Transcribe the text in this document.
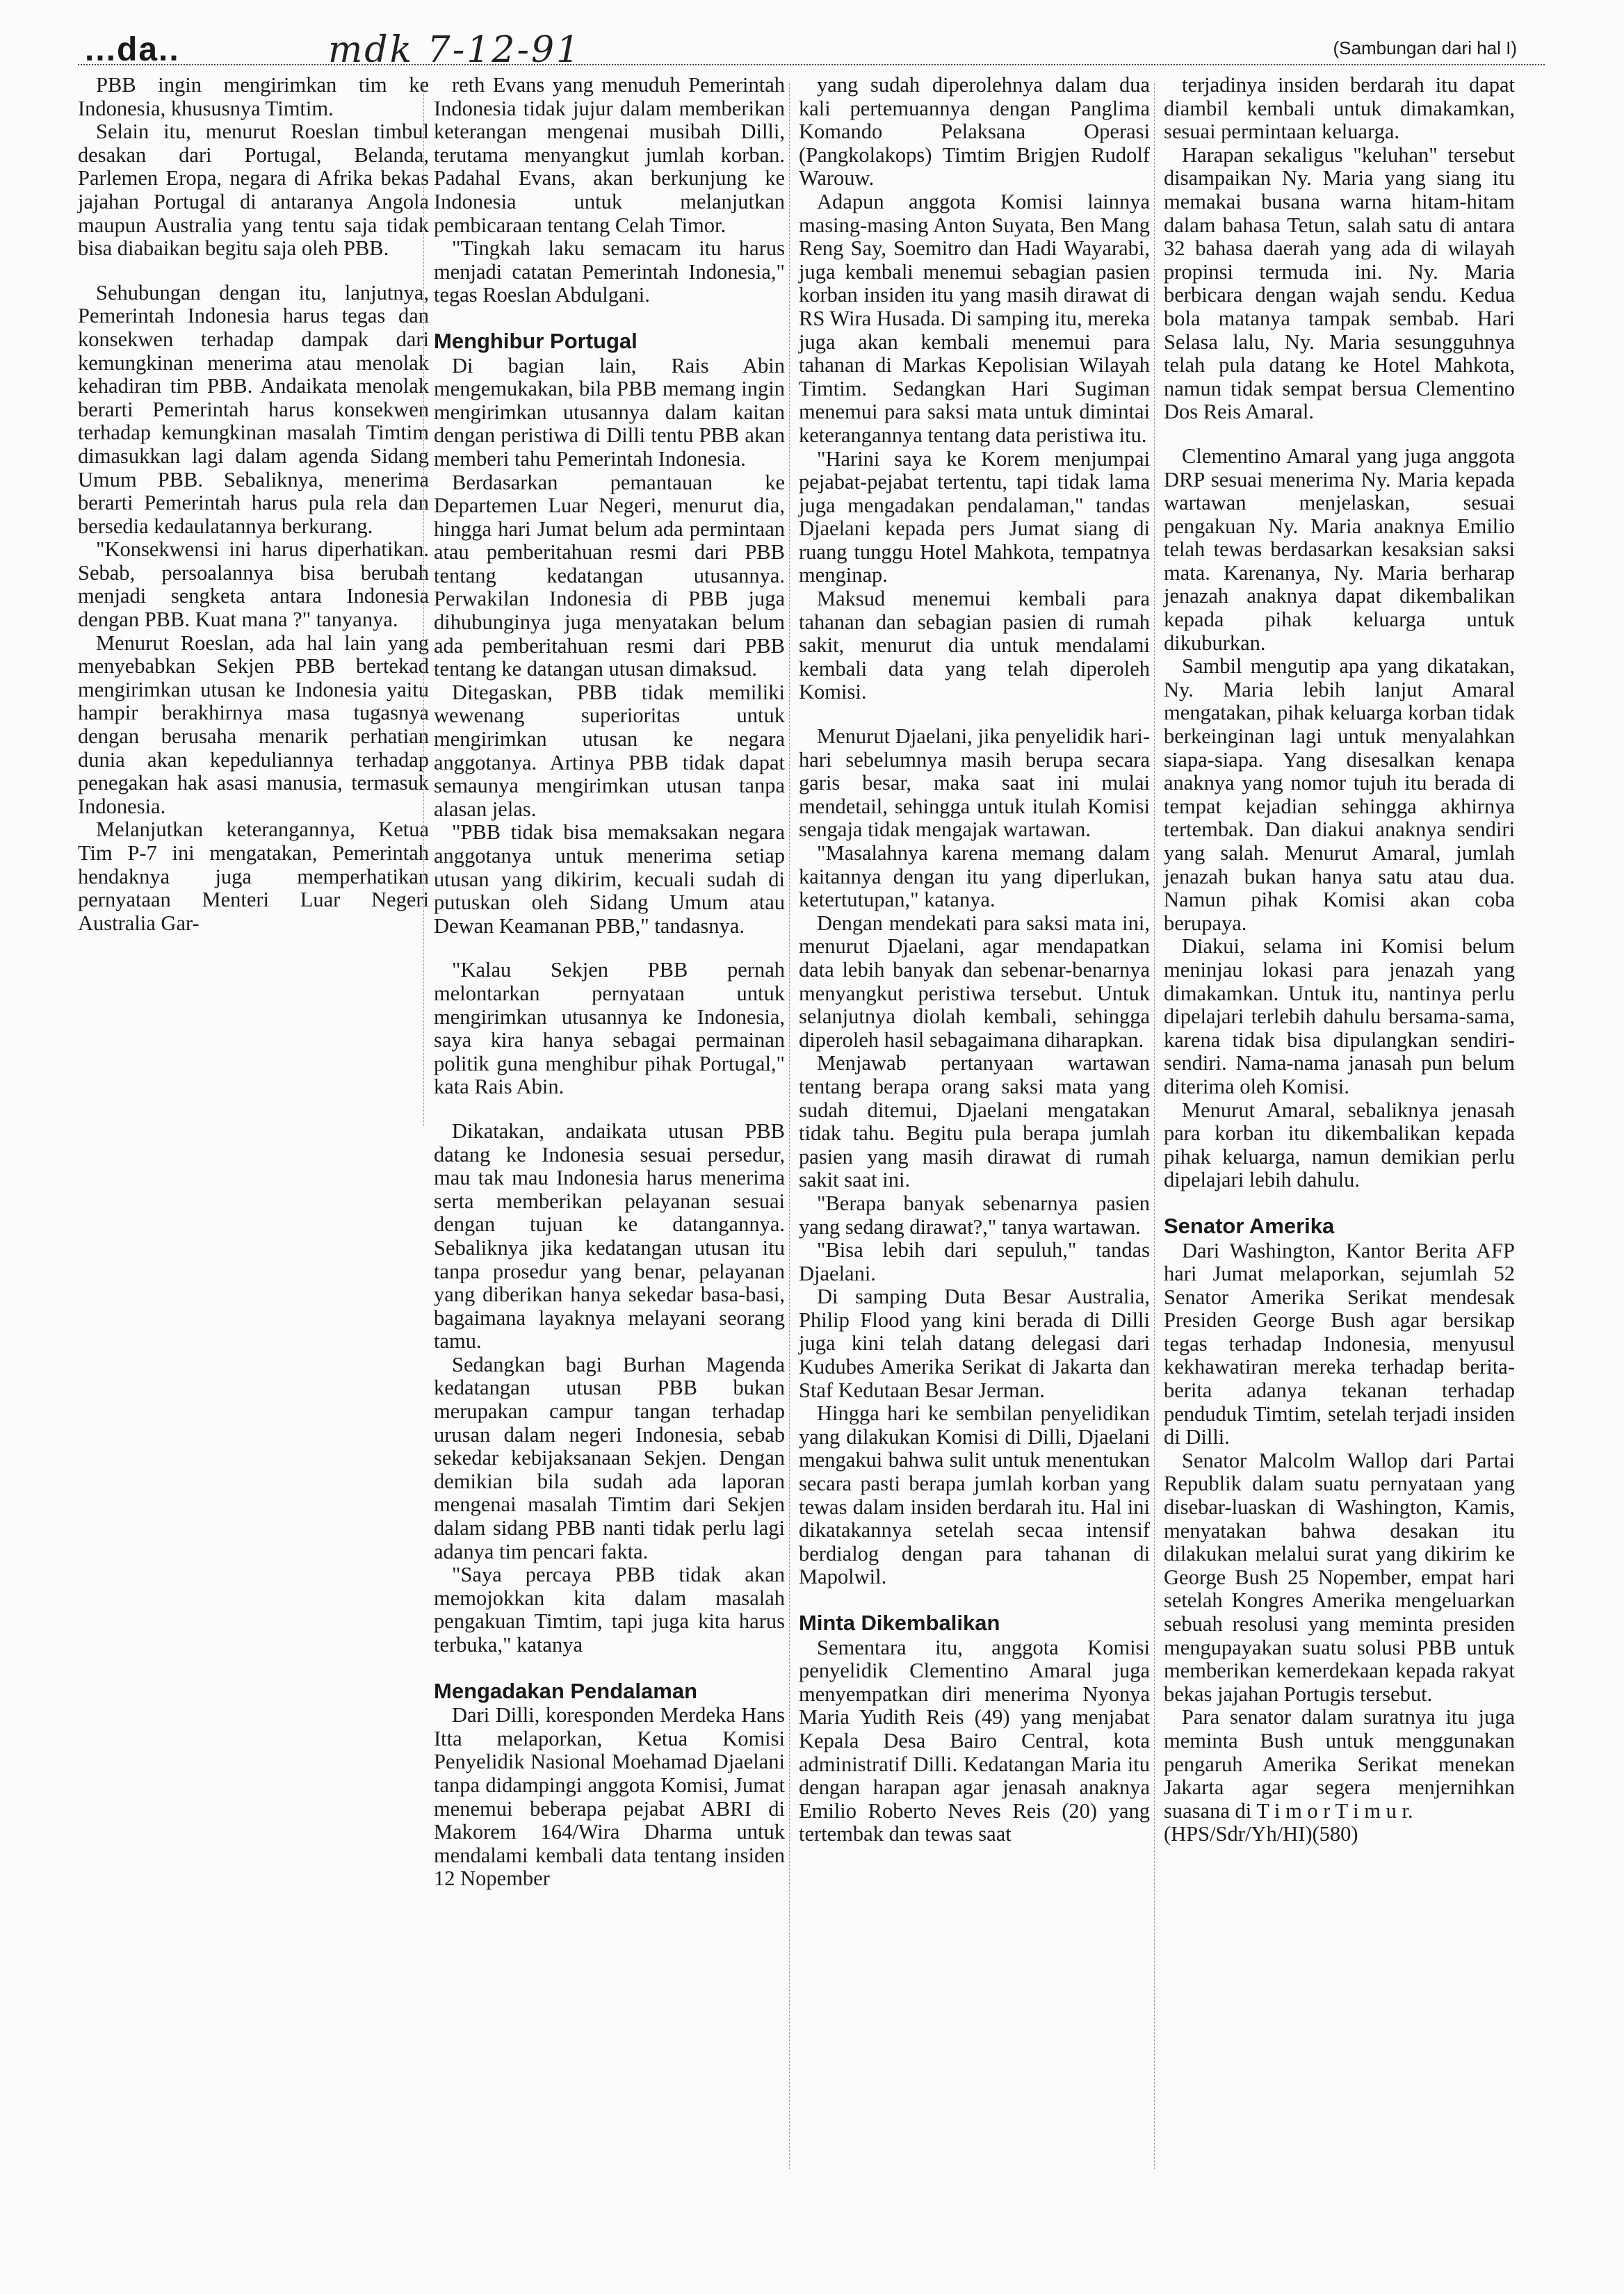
...da..	mdk 7-12-91	(Sambungan dari hal I)

PBB ingin mengirimkan tim ke Indonesia, khususnya Timtim.

Selain itu, menurut Roeslan timbul desakan dari Portugal, Belanda, Parlemen Eropa, negara di Afrika bekas jajahan Portugal di antaranya Angola maupun Australia yang tentu saja tidak bisa diabaikan begitu saja oleh PBB.

Sehubungan dengan itu, lanjutnya, Pemerintah Indonesia harus tegas dan konsekwen terhadap dampak dari kemungkinan menerima atau menolak kehadiran tim PBB. Andaikata menolak berarti Pemerintah harus konsekwen terhadap kemungkinan masalah Timtim dimasukkan lagi dalam agenda Sidang Umum PBB. Sebaliknya, menerima berarti Pemerintah harus pula rela dan bersedia kedaulatannya berkurang.

"Konsekwensi ini harus diperhatikan. Sebab, persoalannya bisa berubah menjadi sengketa antara Indonesia dengan PBB. Kuat mana ?" tanyanya.

Menurut Roeslan, ada hal lain yang menyebabkan Sekjen PBB bertekad mengirimkan utusan ke Indonesia yaitu hampir berakhirnya masa tugasnya dengan berusaha menarik perhatian dunia akan kepeduliannya terhadap penegakan hak asasi manusia, termasuk Indonesia.

Melanjutkan keterangannya, Ketua Tim P-7 ini mengatakan, Pemerintah hendaknya juga memperhatikan pernyataan Menteri Luar Negeri Australia Gar-

reth Evans yang menuduh Pemerintah Indonesia tidak jujur dalam memberikan keterangan mengenai musibah Dilli, terutama menyangkut jumlah korban. Padahal Evans, akan berkunjung ke Indonesia untuk melanjutkan pembicaraan tentang Celah Timor.

"Tingkah laku semacam itu harus menjadi catatan Pemerintah Indonesia," tegas Roeslan Abdulgani.

Menghibur Portugal

Di bagian lain, Rais Abin mengemukakan, bila PBB memang ingin mengirimkan utusannya dalam kaitan dengan peristiwa di Dilli tentu PBB akan memberi tahu Pemerintah Indonesia.

Berdasarkan pemantauan ke Departemen Luar Negeri, menurut dia, hingga hari Jumat belum ada permintaan atau pemberitahuan resmi dari PBB tentang kedatangan utusannya. Perwakilan Indonesia di PBB juga dihubunginya juga menyatakan belum ada pemberitahuan resmi dari PBB tentang ke datangan utusan dimaksud.

Ditegaskan, PBB tidak memiliki wewenang superioritas untuk mengirimkan utusan ke negara anggotanya. Artinya PBB tidak dapat semaunya mengirimkan utusan tanpa alasan jelas.

"PBB tidak bisa memaksakan negara anggotanya untuk menerima setiap utusan yang dikirim, kecuali sudah di putuskan oleh Sidang Umum atau Dewan Keamanan PBB," tandasnya.

"Kalau Sekjen PBB pernah melontarkan pernyataan untuk mengirimkan utusannya ke Indonesia, saya kira hanya sebagai permainan politik guna menghibur pihak Portugal," kata Rais Abin.

Dikatakan, andaikata utusan PBB datang ke Indonesia sesuai persedur, mau tak mau Indonesia harus menerima serta memberikan pelayanan sesuai dengan tujuan ke datangannya. Sebaliknya jika kedatangan utusan itu tanpa prosedur yang benar, pelayanan yang diberikan hanya sekedar basa-basi, bagaimana layaknya melayani seorang tamu.

Sedangkan bagi Burhan Magenda kedatangan utusan PBB bukan merupakan campur tangan terhadap urusan dalam negeri Indonesia, sebab sekedar kebijaksanaan Sekjen. Dengan demikian bila sudah ada laporan mengenai masalah Timtim dari Sekjen dalam sidang PBB nanti tidak perlu lagi adanya tim pencari fakta.

"Saya percaya PBB tidak akan memojokkan kita dalam masalah pengakuan Timtim, tapi juga kita harus terbuka," katanya

Mengadakan Pendalaman

Dari Dilli, koresponden Merdeka Hans Itta melaporkan, Ketua Komisi Penyelidik Nasional Moehamad Djaelani tanpa didampingi anggota Komisi, Jumat menemui beberapa pejabat ABRI di Makorem 164/Wira Dharma untuk mendalami kembali data tentang insiden 12 Nopember

yang sudah diperolehnya dalam dua kali pertemuannya dengan Panglima Komando Pelaksana Operasi (Pangkolakops) Timtim Brigjen Rudolf Warouw.

Adapun anggota Komisi lainnya masing-masing Anton Suyata, Ben Mang Reng Say, Soemitro dan Hadi Wayarabi, juga kembali menemui sebagian pasien korban insiden itu yang masih dirawat di RS Wira Husada. Di samping itu, mereka juga akan kembali menemui para tahanan di Markas Kepolisian Wilayah Timtim. Sedangkan Hari Sugiman menemui para saksi mata untuk dimintai keterangannya tentang data peristiwa itu.

"Harini saya ke Korem menjumpai pejabat-pejabat tertentu, tapi tidak lama juga mengadakan pendalaman," tandas Djaelani kepada pers Jumat siang di ruang tunggu Hotel Mahkota, tempatnya menginap.

Maksud menemui kembali para tahanan dan sebagian pasien di rumah sakit, menurut dia untuk mendalami kembali data yang telah diperoleh Komisi.

Menurut Djaelani, jika penyelidik hari-hari sebelumnya masih berupa secara garis besar, maka saat ini mulai mendetail, sehingga untuk itulah Komisi sengaja tidak mengajak wartawan.

"Masalahnya karena memang dalam kaitannya dengan itu yang diperlukan, ketertutupan," katanya.

Dengan mendekati para saksi mata ini, menurut Djaelani, agar mendapatkan data lebih banyak dan sebenar-benarnya menyangkut peristiwa tersebut. Untuk selanjutnya diolah kembali, sehingga diperoleh hasil sebagaimana diharapkan.

Menjawab pertanyaan wartawan tentang berapa orang saksi mata yang sudah ditemui, Djaelani mengatakan tidak tahu. Begitu pula berapa jumlah pasien yang masih dirawat di rumah sakit saat ini.

"Berapa banyak sebenarnya pasien yang sedang dirawat?," tanya wartawan.

"Bisa lebih dari sepuluh," tandas Djaelani.

Di samping Duta Besar Australia, Philip Flood yang kini berada di Dilli juga kini telah datang delegasi dari Kudubes Amerika Serikat di Jakarta dan Staf Kedutaan Besar Jerman.

Hingga hari ke sembilan penyelidikan yang dilakukan Komisi di Dilli, Djaelani mengakui bahwa sulit untuk menentukan secara pasti berapa jumlah korban yang tewas dalam insiden berdarah itu. Hal ini dikatakannya setelah secaa intensif berdialog dengan para tahanan di Mapolwil.

Minta Dikembalikan

Sementara itu, anggota Komisi penyelidik Clementino Amaral juga menyempatkan diri menerima Nyonya Maria Yudith Reis (49) yang menjabat Kepala Desa Bairo Central, kota administratif Dilli. Kedatangan Maria itu dengan harapan agar jenasah anaknya Emilio Roberto Neves Reis (20) yang tertembak dan tewas saat

terjadinya insiden berdarah itu dapat diambil kembali untuk dimakamkan, sesuai permintaan keluarga.

Harapan sekaligus "keluhan" tersebut disampaikan Ny. Maria yang siang itu memakai busana warna hitam-hitam dalam bahasa Tetun, salah satu di antara 32 bahasa daerah yang ada di wilayah propinsi termuda ini. Ny. Maria berbicara dengan wajah sendu. Kedua bola matanya tampak sembab. Hari Selasa lalu, Ny. Maria sesungguhnya telah pula datang ke Hotel Mahkota, namun tidak sempat bersua Clementino Dos Reis Amaral.

Clementino Amaral yang juga anggota DRP sesuai menerima Ny. Maria kepada wartawan menjelaskan, sesuai pengakuan Ny. Maria anaknya Emilio telah tewas berdasarkan kesaksian saksi mata. Karenanya, Ny. Maria berharap jenazah anaknya dapat dikembalikan kepada pihak keluarga untuk dikuburkan.

Sambil mengutip apa yang dikatakan, Ny. Maria lebih lanjut Amaral mengatakan, pihak keluarga korban tidak berkeinginan lagi untuk menyalahkan siapa-siapa. Yang disesalkan kenapa anaknya yang nomor tujuh itu berada di tempat kejadian sehingga akhirnya tertembak. Dan diakui anaknya sendiri yang salah. Menurut Amaral, jumlah jenazah bukan hanya satu atau dua. Namun pihak Komisi akan coba berupaya.

Diakui, selama ini Komisi belum meninjau lokasi para jenazah yang dimakamkan. Untuk itu, nantinya perlu dipelajari terlebih dahulu bersama-sama, karena tidak bisa dipulangkan sendiri-sendiri. Nama-nama janasah pun belum diterima oleh Komisi.

Menurut Amaral, sebaliknya jenasah para korban itu dikembalikan kepada pihak keluarga, namun demikian perlu dipelajari lebih dahulu.

Senator Amerika

Dari Washington, Kantor Berita AFP hari Jumat melaporkan, sejumlah 52 Senator Amerika Serikat mendesak Presiden George Bush agar bersikap tegas terhadap Indonesia, menyusul kekhawatiran mereka terhadap berita-berita adanya tekanan terhadap penduduk Timtim, setelah terjadi insiden di Dilli.

Senator Malcolm Wallop dari Partai Republik dalam suatu pernyataan yang disebar-luaskan di Washington, Kamis, menyatakan bahwa desakan itu dilakukan melalui surat yang dikirim ke George Bush 25 Nopember, empat hari setelah Kongres Amerika mengeluarkan sebuah resolusi yang meminta presiden mengupayakan suatu solusi PBB untuk memberikan kemerdekaan kepada rakyat bekas jajahan Portugis tersebut.

Para senator dalam suratnya itu juga meminta Bush untuk menggunakan pengaruh Amerika Serikat menekan Jakarta agar segera menjernihkan suasana di T i m o r T i m u r.

(HPS/Sdr/Yh/HI)(580)
